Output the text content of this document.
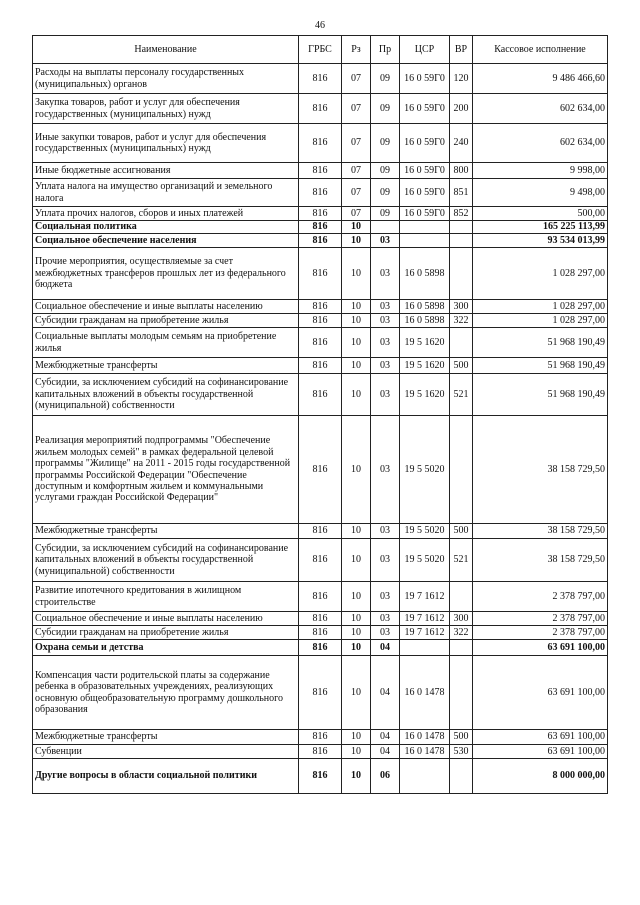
46
Наименование	ГРБС	Рз	Пр	ЦСР	ВР	Кассовое исполнение
Расходы на выплаты персоналу государственных (муниципальных) органов	816	07	09	16 0 59Г0	120	9 486 466,60
Закупка товаров, работ и услуг для обеспечения государственных (муниципальных) нужд	816	07	09	16 0 59Г0	200	602 634,00
Иные закупки товаров, работ и услуг для обеспечения государственных (муниципальных) нужд	816	07	09	16 0 59Г0	240	602 634,00
Иные бюджетные ассигнования	816	07	09	16 0 59Г0	800	9 998,00
Уплата налога на имущество организаций и земельного налога	816	07	09	16 0 59Г0	851	9 498,00
Уплата прочих налогов, сборов и иных платежей	816	07	09	16 0 59Г0	852	500,00
Социальная политика	816	10				165 225 113,99
Социальное обеспечение населения	816	10	03			93 534 013,99
Прочие мероприятия, осуществляемые за счет межбюджетных трансферов прошлых лет из федерального бюджета	816	10	03	16 0 5898		1 028 297,00
Социальное обеспечение и иные выплаты населению	816	10	03	16 0 5898	300	1 028 297,00
Субсидии гражданам на приобретение жилья	816	10	03	16 0 5898	322	1 028 297,00
Социальные выплаты молодым семьям на приобретение жилья	816	10	03	19 5 1620		51 968 190,49
Межбюджетные трансферты	816	10	03	19 5 1620	500	51 968 190,49
Субсидии, за исключением субсидий на софинансирование капитальных вложений в объекты государственной (муниципальной) собственности	816	10	03	19 5 1620	521	51 968 190,49
Реализация мероприятий подпрограммы "Обеспечение жильем молодых семей" в рамках федеральной целевой программы "Жилище" на 2011 - 2015 годы государственной программы Российской Федерации "Обеспечение доступным и комфортным жильем и коммунальными услугами граждан Российской Федерации"	816	10	03	19 5 5020		38 158 729,50
Межбюджетные трансферты	816	10	03	19 5 5020	500	38 158 729,50
Субсидии, за исключением субсидий на софинансирование капитальных вложений в объекты государственной (муниципальной) собственности	816	10	03	19 5 5020	521	38 158 729,50
Развитие ипотечного кредитования в жилищном строительстве	816	10	03	19 7 1612		2 378 797,00
Социальное обеспечение и иные выплаты населению	816	10	03	19 7 1612	300	2 378 797,00
Субсидии гражданам на приобретение жилья	816	10	03	19 7 1612	322	2 378 797,00
Охрана семьи и детства	816	10	04			63 691 100,00
Компенсация части родительской платы за содержание ребенка в образовательных учреждениях, реализующих основную общеобразовательную программу дошкольного образования	816	10	04	16 0 1478		63 691 100,00
Межбюджетные трансферты	816	10	04	16 0 1478	500	63 691 100,00
Субвенции	816	10	04	16 0 1478	530	63 691 100,00
Другие вопросы в области социальной политики	816	10	06			8 000 000,00
